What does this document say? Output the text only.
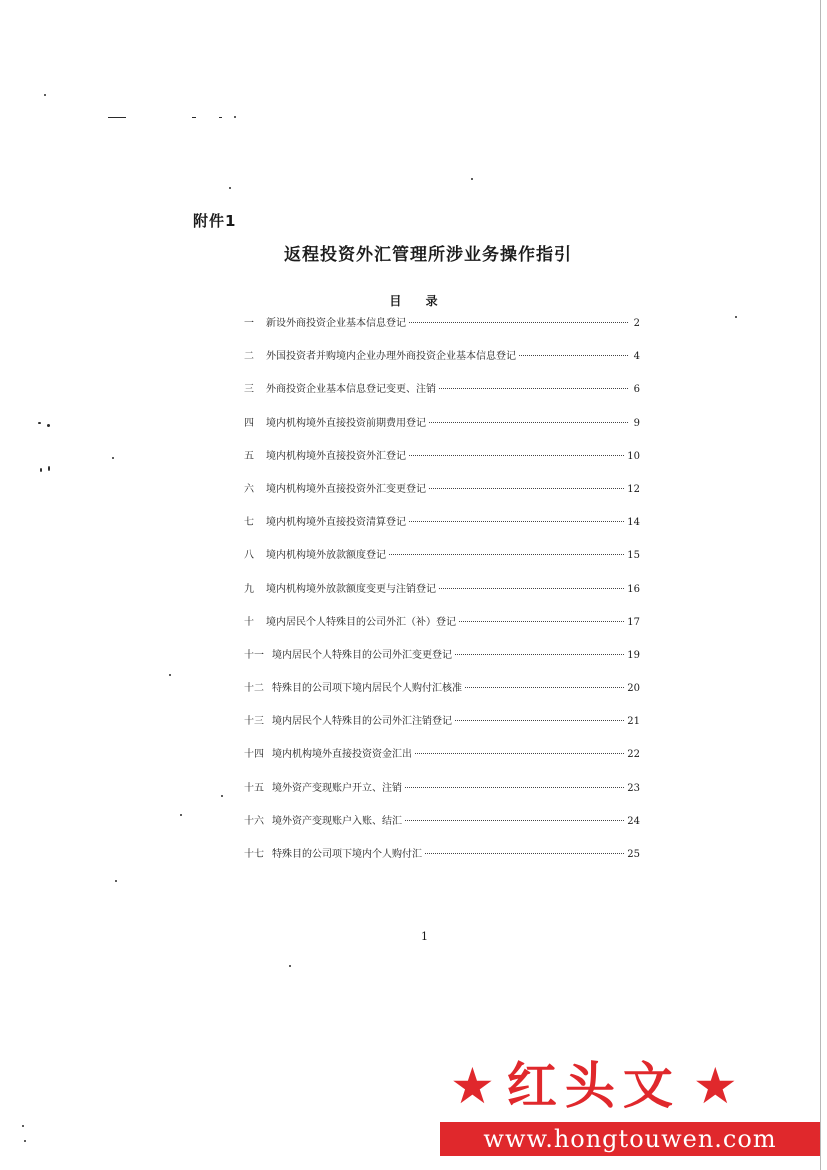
附件1
返程投资外汇管理所涉业务操作指引
目 录
一	新设外商投资企业基本信息登记	2
二	外国投资者并购境内企业办理外商投资企业基本信息登记	4
三	外商投资企业基本信息登记变更、注销	6
四	境内机构境外直接投资前期费用登记	9
五	境内机构境外直接投资外汇登记	10
六	境内机构境外直接投资外汇变更登记	12
七	境内机构境外直接投资清算登记	14
八	境内机构境外放款额度登记	15
九	境内机构境外放款额度变更与注销登记	16
十	境内居民个人特殊目的公司外汇（补）登记	17
十一 境内居民个人特殊目的公司外汇变更登记	19
十二 特殊目的公司项下境内居民个人购付汇核准	20
十三 境内居民个人特殊目的公司外汇注销登记	21
十四 境内机构境外直接投资资金汇出	22
十五 境外资产变现账户开立、注销	23
十六 境外资产变现账户入账、结汇	24
十七 特殊目的公司项下境内个人购付汇	25
1
★ 红头文 ★
www.hongtouwen.com
